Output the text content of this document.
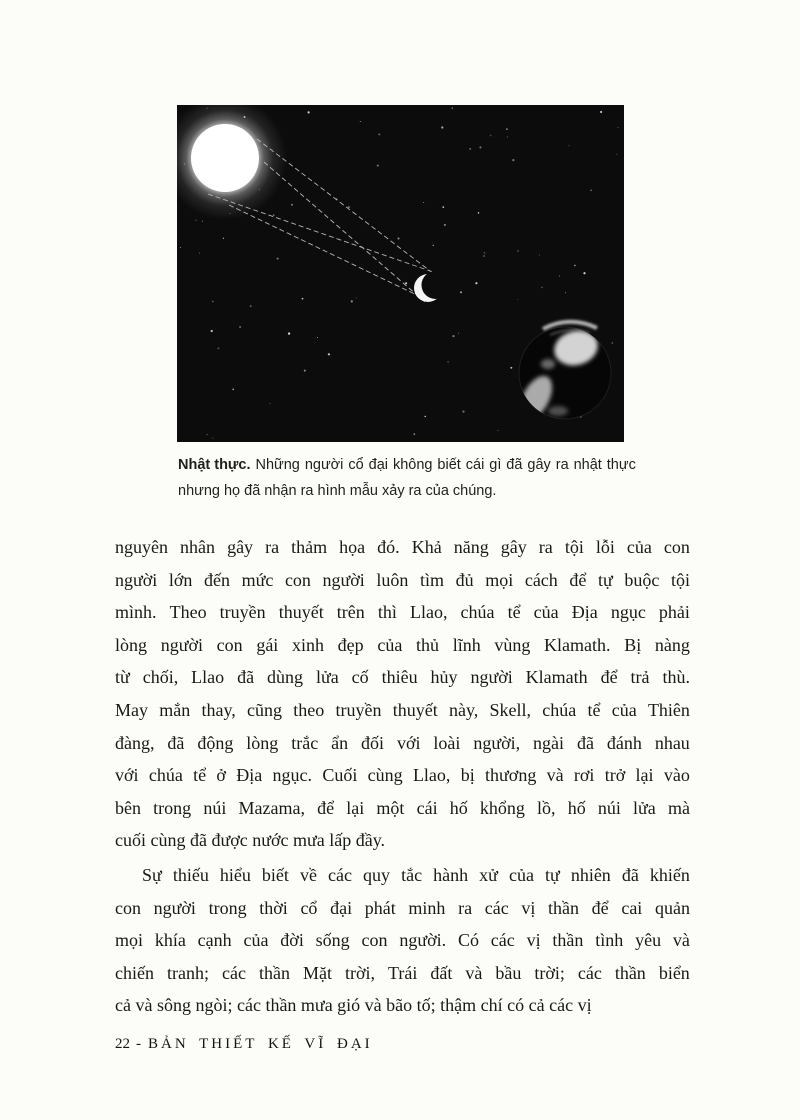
Nhật thực. Những người cổ đại không biết cái gì đã gây ra nhật thực
nhưng họ đã nhận ra hình mẫu xảy ra của chúng.
nguyên nhân gây ra thảm họa đó. Khả năng gây ra tội lỗi của con
người lớn đến mức con người luôn tìm đủ mọi cách để tự buộc tội
mình. Theo truyền thuyết trên thì Llao, chúa tể của Địa ngục phải
lòng người con gái xinh đẹp của thủ lĩnh vùng Klamath. Bị nàng
từ chối, Llao đã dùng lửa cố thiêu hủy người Klamath để trả thù.
May mắn thay, cũng theo truyền thuyết này, Skell, chúa tể của Thiên
đàng, đã động lòng trắc ẩn đối với loài người, ngài đã đánh nhau
với chúa tể ở Địa ngục. Cuối cùng Llao, bị thương và rơi trở lại vào
bên trong núi Mazama, để lại một cái hố khổng lồ, hố núi lửa mà
cuối cùng đã được nước mưa lấp đầy.
Sự thiếu hiểu biết về các quy tắc hành xử của tự nhiên đã khiến
con người trong thời cổ đại phát minh ra các vị thần để cai quản
mọi khía cạnh của đời sống con người. Có các vị thần tình yêu và
chiến tranh; các thần Mặt trời, Trái đất và bầu trời; các thần biển
cả và sông ngòi; các thần mưa gió và bão tố; thậm chí có cả các vị
22 - BẢN THIẾT KẾ VĨ ĐẠI
